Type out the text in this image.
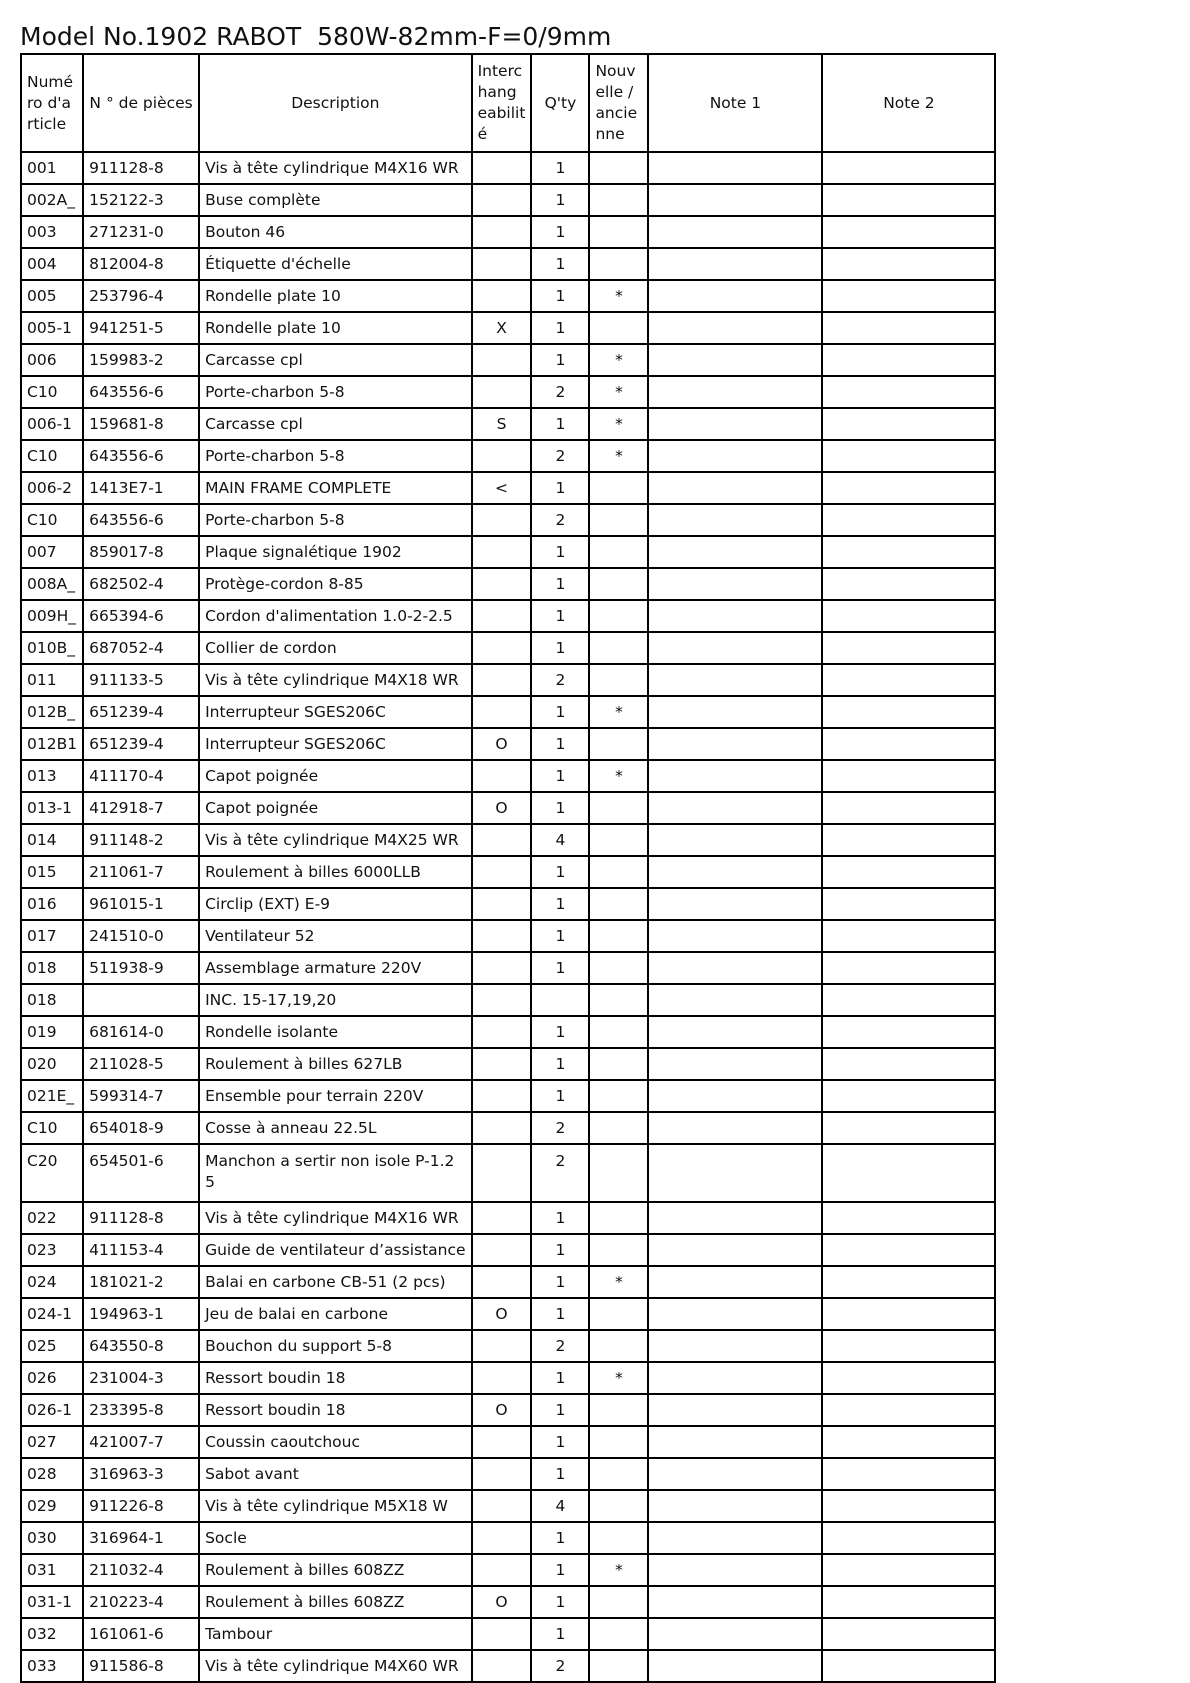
Model No.1902 RABOT  580W-82mm-F=0/9mm
Numé
ro d'a
rticle	N ° de pièces	Description	Interc
hang
eabilit
é	Q'ty	Nouv
elle /
ancie
nne	Note 1	Note 2
001	911128-8	Vis à tête cylindrique M4X16 WR		1			
002A_	152122-3	Buse complète		1			
003	271231-0	Bouton 46		1			
004	812004-8	Étiquette d'échelle		1			
005	253796-4	Rondelle plate 10		1	*		
005-1	941251-5	Rondelle plate 10	X	1			
006	159983-2	Carcasse cpl		1	*		
C10	643556-6	Porte-charbon 5-8		2	*		
006-1	159681-8	Carcasse cpl	S	1	*		
C10	643556-6	Porte-charbon 5-8		2	*		
006-2	1413E7-1	MAIN FRAME COMPLETE	<	1			
C10	643556-6	Porte-charbon 5-8		2			
007	859017-8	Plaque signalétique 1902		1			
008A_	682502-4	Protège-cordon 8-85		1			
009H_	665394-6	Cordon d'alimentation 1.0-2-2.5		1			
010B_	687052-4	Collier de cordon		1			
011	911133-5	Vis à tête cylindrique M4X18 WR		2			
012B_	651239-4	Interrupteur SGES206C		1	*		
012B1	651239-4	Interrupteur SGES206C	O	1			
013	411170-4	Capot poignée		1	*		
013-1	412918-7	Capot poignée	O	1			
014	911148-2	Vis à tête cylindrique M4X25 WR		4			
015	211061-7	Roulement à billes 6000LLB		1			
016	961015-1	Circlip (EXT) E-9		1			
017	241510-0	Ventilateur 52		1			
018	511938-9	Assemblage armature 220V		1			
018		INC. 15-17,19,20					
019	681614-0	Rondelle isolante		1			
020	211028-5	Roulement à billes 627LB		1			
021E_	599314-7	Ensemble pour terrain 220V		1			
C10	654018-9	Cosse à anneau 22.5L		2			
C20	654501-6	Manchon a sertir non isole P-1.2 5		2			
022	911128-8	Vis à tête cylindrique M4X16 WR		1			
023	411153-4	Guide de ventilateur d’assistance		1			
024	181021-2	Balai en carbone CB-51 (2 pcs)		1	*		
024-1	194963-1	Jeu de balai en carbone	O	1			
025	643550-8	Bouchon du support 5-8		2			
026	231004-3	Ressort boudin 18		1	*		
026-1	233395-8	Ressort boudin 18	O	1			
027	421007-7	Coussin caoutchouc		1			
028	316963-3	Sabot avant		1			
029	911226-8	Vis à tête cylindrique M5X18 W		4			
030	316964-1	Socle		1			
031	211032-4	Roulement à billes 608ZZ		1	*		
031-1	210223-4	Roulement à billes 608ZZ	O	1			
032	161061-6	Tambour		1			
033	911586-8	Vis à tête cylindrique M4X60 WR		2			
